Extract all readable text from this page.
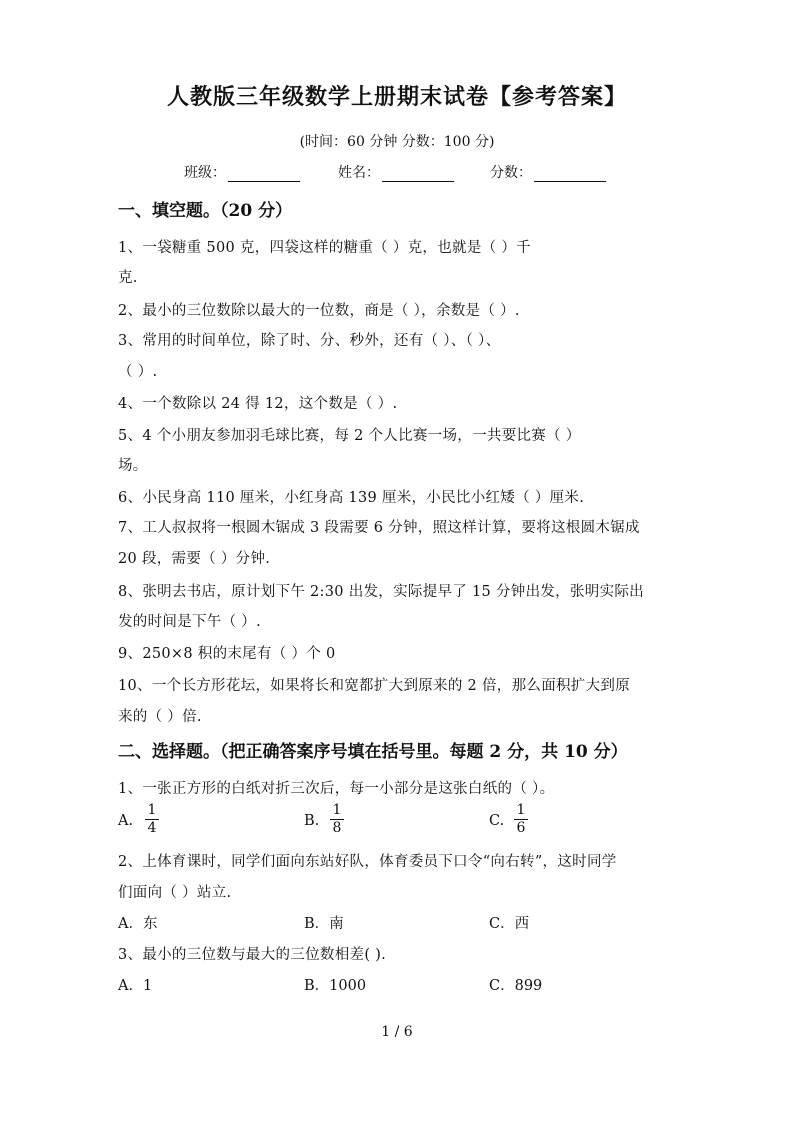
人教版三年级数学上册期末试卷【参考答案】
(时间：60 分钟 分数：100 分)
班级：	姓名：	分数：
一、填空题。（20 分）
1、一袋糖重 500 克，四袋这样的糖重（ ）克，也就是（ ）千
克.
2、最小的三位数除以最大的一位数，商是（ ），余数是（ ）.
3、常用的时间单位，除了时、分、秒外，还有（ ）、（ ）、
（ ）.
4、一个数除以 24 得 12，这个数是（ ）.
5、4 个小朋友参加羽毛球比赛，每 2 个人比赛一场，一共要比赛（ ）
场。
6、小民身高 110 厘米，小红身高 139 厘米，小民比小红矮（ ）厘米.
7、工人叔叔将一根圆木锯成 3 段需要 6 分钟，照这样计算，要将这根圆木锯成
20 段，需要（ ）分钟.
8、张明去书店，原计划下午 2:30 出发，实际提早了 15 分钟出发，张明实际出
发的时间是下午（ ）.
9、250×8 积的末尾有（ ）个 0
10、一个长方形花坛，如果将长和宽都扩大到原来的 2 倍，那么面积扩大到原
来的（ ）倍.
二、选择题。（把正确答案序号填在括号里。每题 2 分，共 10 分）
1、一张正方形的白纸对折三次后，每一小部分是这张白纸的（ ）。
A.
1
4	B.
1
8	C.
1
6
2、上体育课时，同学们面向东站好队，体育委员下口令“向右转”，这时同学
们面向（ ）站立.
A．东	B．南	C．西
3、最小的三位数与最大的三位数相差( ).
A．1	B．1000	C．899
1 / 6
